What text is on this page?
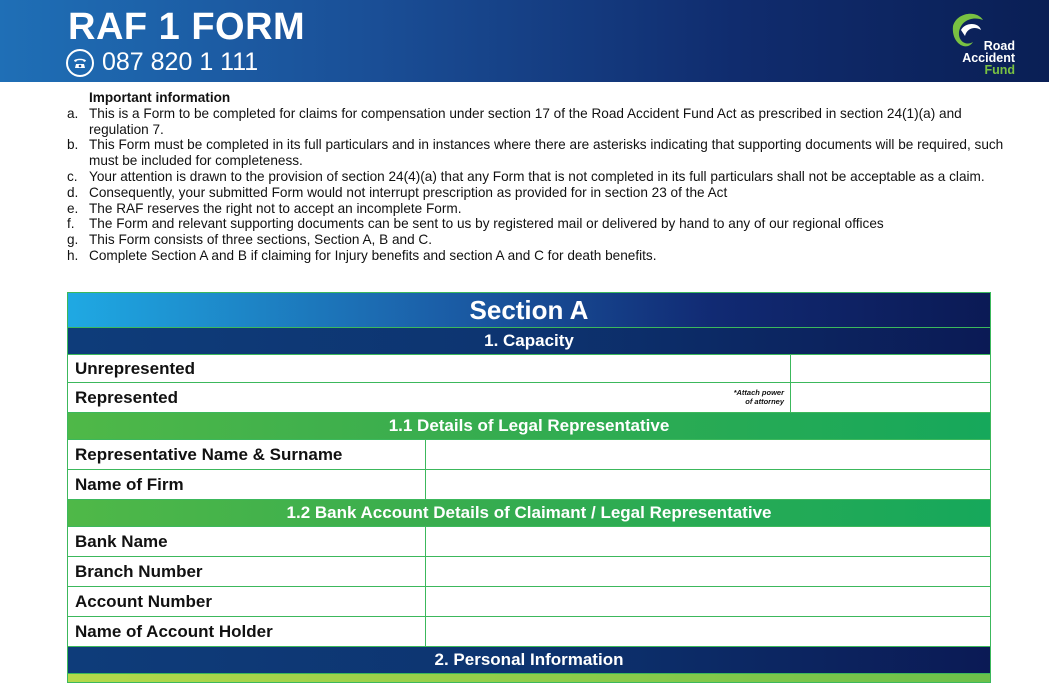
RAF 1 FORM
087 820 1 111
Road
Accident
Fund
Important information
a. This is a Form to be completed for claims for compensation under section 17 of the Road Accident Fund Act as prescribed in section 24(1)(a) and regulation 7.
b. This Form must be completed in its full particulars and in instances where there are asterisks indicating that supporting documents will be required, such must be included for completeness.
c. Your attention is drawn to the provision of section 24(4)(a) that any Form that is not completed in its full particulars shall not be acceptable as a claim.
d. Consequently, your submitted Form would not interrupt prescription as provided for in section 23 of the Act
e. The RAF reserves the right not to accept an incomplete Form.
f. The Form and relevant supporting documents can be sent to us by registered mail or delivered by hand to any of our regional offices
g. This Form consists of three sections, Section A, B and C.
h. Complete Section A and B if claiming for Injury benefits and section A and C for death benefits.
Section A
1. Capacity
Unrepresented
Represented	*Attach power
of attorney
1.1 Details of Legal Representative
Representative Name & Surname
Name of Firm
1.2 Bank Account Details of Claimant / Legal Representative
Bank Name
Branch Number
Account Number
Name of Account Holder
2. Personal Information
